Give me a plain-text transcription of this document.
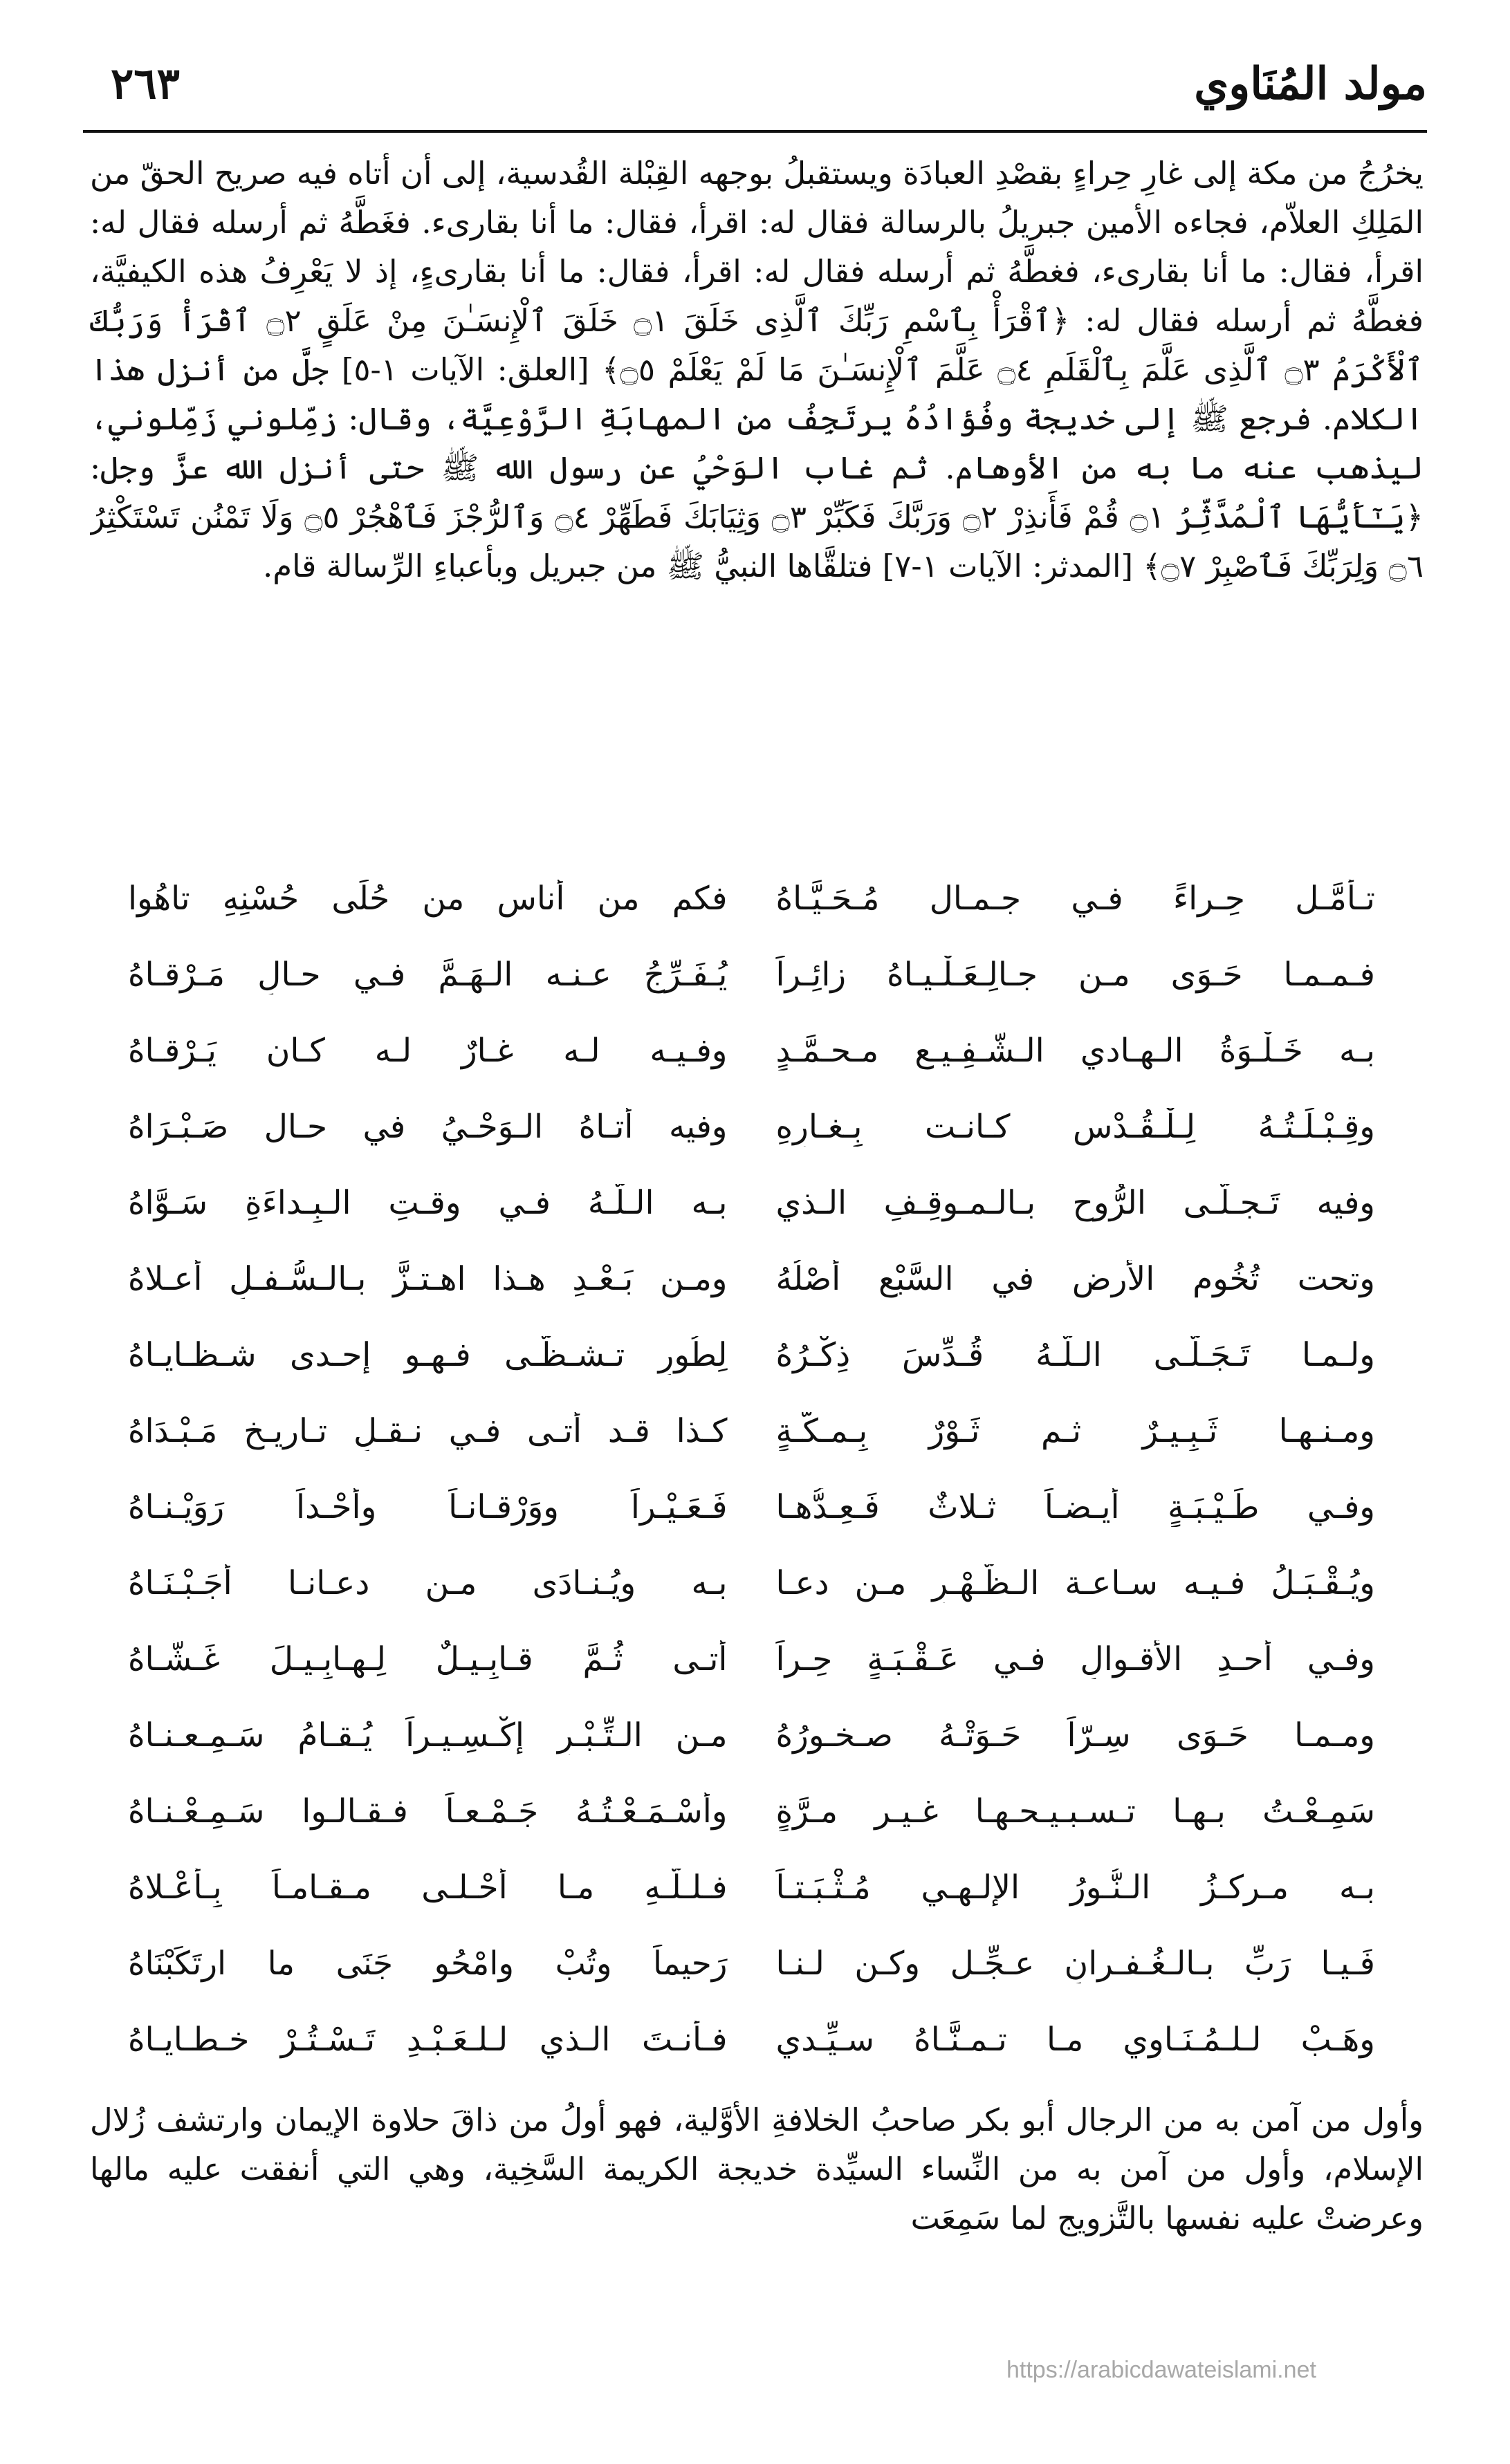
مولد المُنَاوي
٢٦٣

يخرُجُ من مكة إلى غارِ حِراءٍ بقصْدِ العبادَة ويستقبلُ بوجهه القِبْلة القُدسية، إلى أن أتاه فيه صريح الحقّ من المَلِكِ العلاّم، فجاءه الأمين جبريلُ بالرسالة فقال له: اقرأ، فقال: ما أنا بقارىء. فغَطَّهُ ثم أرسله فقال له: اقرأ، فقال: ما أنا بقارىء، فغطَّهُ ثم أرسله فقال له: اقرأ، فقال: ما أنا بقارىءٍ، إذ لا يَعْرِفُ هذه الكيفيَّة، فغطَّهُ ثم أرسله فقال له: ﴿ٱقْرَأْ بِٱسْمِ رَبِّكَ ٱلَّذِى خَلَقَ ۝١ خَلَقَ ٱلْإِنسَـٰنَ مِنْ عَلَقٍ ۝٢ ٱقْرَأْ وَرَبُّكَ ٱلْأَكْرَمُ ۝٣ ٱلَّذِى عَلَّمَ بِٱلْقَلَمِ ۝٤ عَلَّمَ ٱلْإِنسَـٰنَ مَا لَمْ يَعْلَمْ ۝٥﴾ [العلق: الآيات ١-٥] جلَّ من أنزل هذا الكلام. فرجع ﷺ إلى خديجة وفُؤادُهُ يرتَجِفُ من المهابَةِ الرَّوْعِيَّة، وقال: زمِّلوني زَمِّلوني، ليذهب عنه ما به من الأوهام. ثم غاب الوَحْيُ عن رسول الله ﷺ حتى أنزل الله عزَّ وجل: ﴿يَـٰٓأَيُّهَا ٱلْمُدَّثِّرُ ۝١ قُمْ فَأَنذِرْ ۝٢ وَرَبَّكَ فَكَبِّرْ ۝٣ وَثِيَابَكَ فَطَهِّرْ ۝٤ وَٱلرُّجْزَ فَٱهْجُرْ ۝٥ وَلَا تَمْنُن تَسْتَكْثِرُ ۝٦ وَلِرَبِّكَ فَٱصْبِرْ ۝٧﴾ [المدثر: الآيات ١-٧] فتلقَّاها النبيُّ ﷺ من جبريل وبأعباءِ الرِّسالة قام.

تـأمَّـل حِـراءً فـي جـمـال مُـحَـيَّـاهُ
فكم من أناسٍ من حُلَى حُسْنِهِ تاهُوا
فـمـمـا حَـوَى مـن جـالِـعَـلْـيـاهُ زائِـراً
يُـفَـرِّجُ عـنـه الـهَـمَّ فـي حـالِ مَـرْقـاهُ
بـه خَـلْـوَةُ الـهـادي الـشَّـفِـيـع مـحـمَّـدٍ
وفـيـه لـه غـارٌ لـه كـان يَـرْقـاهُ
وقِـبْـلَـتُـهُ لِـلْـقُـدْسِ كـانـت بِـغـارِهِ
وفيه أتـاهُ الـوَحْـيُ في حـال صَـبْـرَاهُ
وفيه تَـجـلَّـى الرُّوح بـالـمـوقِـفِ الـذي
بـه الـلَّـهُ فـي وقـتِ الـبِـداءَةِ سَـوَّاهُ
وتحت تُخُومِ الأرض في السَّبْعِ أصْلُهُ
ومـن بَـعْـدِ هـذا اهـتـزَّ بـالـسُّـفـلِ أعـلاهُ
ولـمـا تَـجَـلَّـى الـلَّـهُ قُـدِّسَ ذِكْـرُهُ
لِطُورٍ تـشـظَّـى فـهـو إحـدى شـظـايـاهُ
ومـنـهـا ثَـبِـيـرٌ ثـم ثَـوْرٌ بِـمـكَّـةٍ
كـذا قـد أتـى فـي نـقـلِ تـاريـخ مَـبْـدَاهُ
وفـي طَـيْـبَـةٍ أيـضـاً ثـلاثٌ فَـعِـدُّهـا
فَـعَـيْـراً ووَرْقـانـاً وأُحْـداً رَوَيْـنـاهُ
ويُـقْـبَـلُ فـيـه سـاعـة الـظُّـهْـرِ مـن دعـا
بـه ويُـنـادَى مـن دعـانـا أجَـبْـنَـاهُ
وفـي أحـدِ الأقـوالِ فـي عَـقْـبَـةٍ حِـراً
أتـى ثُـمَّ قـابِـيـلٌ لِـهـابِـيـلَ غَـشَّـاهُ
ومـمـا حَـوَى سِـرّاً حَـوَتْـهُ صـخـورُهُ
مـن الـتِّـبْـرِ إكْـسِـيـراً يُـقـامُ سَـمِـعـنـاهُ
سَمِـعْـتُ بـهـا تـسـبـيـحـهـا غـيـر مـرَّةٍ
وأسْـمَـعْـتُـهُ جَـمْـعـاً فـقـالـوا سَـمِـعْـنـاهُ
بـه مـركـزُ الـنُّـورُ الإِلـهـي مُـثْـبَـتـاً
فـلـلَّـهِ مـا أحْـلـى مـقـامـاً بِـأعْـلاهُ
فَـيـا رَبِّ بـالـغُـفـرانِ عـجِّـل وكـن لـنـا
رَحيماً وتُبْ وامْحُو جَنَى ما ارتَكَبْنَاهُ
وهَـبْ لـلـمُـنَـاوِي مـا تـمـنَّـاهُ سـيِّـدي
فـأنـتَ الـذي لـلـعَـبْـدِ تَـسْـتُـرْ خـطـايـاهُ

وأول من آمن به من الرجال أبو بكر صاحبُ الخلافةِ الأوَّلية، فهو أولُ من ذاقَ حلاوة الإيمان وارتشف زُلال الإسلام، وأول من آمن به من النِّساء السيِّدة خديجة الكريمة السَّخِية، وهي التي أنفقت عليه مالها وعرضتْ عليه نفسها بالتَّزويج لما سَمِعَت

https://arabicdawateislami.net
